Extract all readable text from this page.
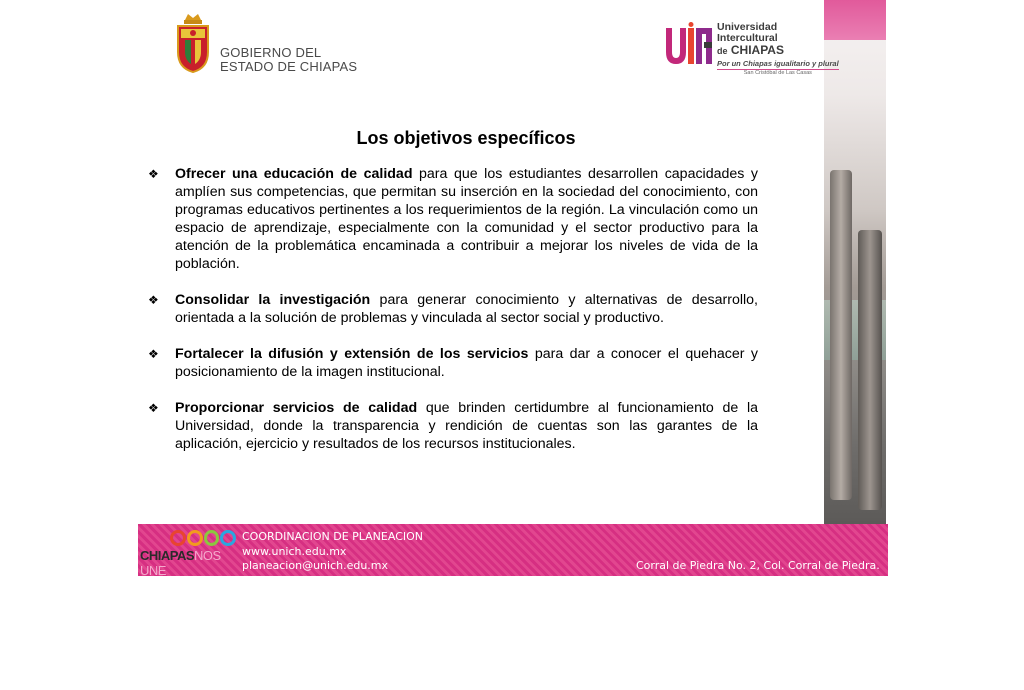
GOBIERNO DEL
ESTADO DE CHIAPAS
Universidad
Intercultural
de CHIAPAS
Por un Chiapas igualitario y plural
San Cristóbal de Las Casas
Los objetivos específicos
❖ Ofrecer una educación de calidad para que los estudiantes desarrollen capacidades y amplíen sus competencias, que permitan su inserción en la sociedad del conocimiento, con programas educativos pertinentes a los requerimientos de la región. La vinculación como un espacio de aprendizaje, especialmente con la comunidad y el sector productivo para la atención de la problemática encaminada a contribuir a mejorar los niveles de vida de la población.
❖ Consolidar la investigación para generar conocimiento y alternativas de desarrollo, orientada a la solución de problemas y vinculada al sector social y productivo.
❖ Fortalecer la difusión y extensión de los servicios para dar a conocer el quehacer y posicionamiento de la imagen institucional.
❖ Proporcionar servicios de calidad que brinden certidumbre al funcionamiento de la Universidad, donde la transparencia y rendición de cuentas son las garantes de la aplicación, ejercicio y resultados de los recursos institucionales.
CHIAPASNOS UNE
COORDINACION DE PLANEACION
www.unich.edu.mx
planeacion@unich.edu.mx

	Corral de Piedra No. 2, Col. Corral de Piedra.

San Cristóbal de Las Casas, Chiapas.

Tel: (967)  63 161 51          Ext. 132, 110
